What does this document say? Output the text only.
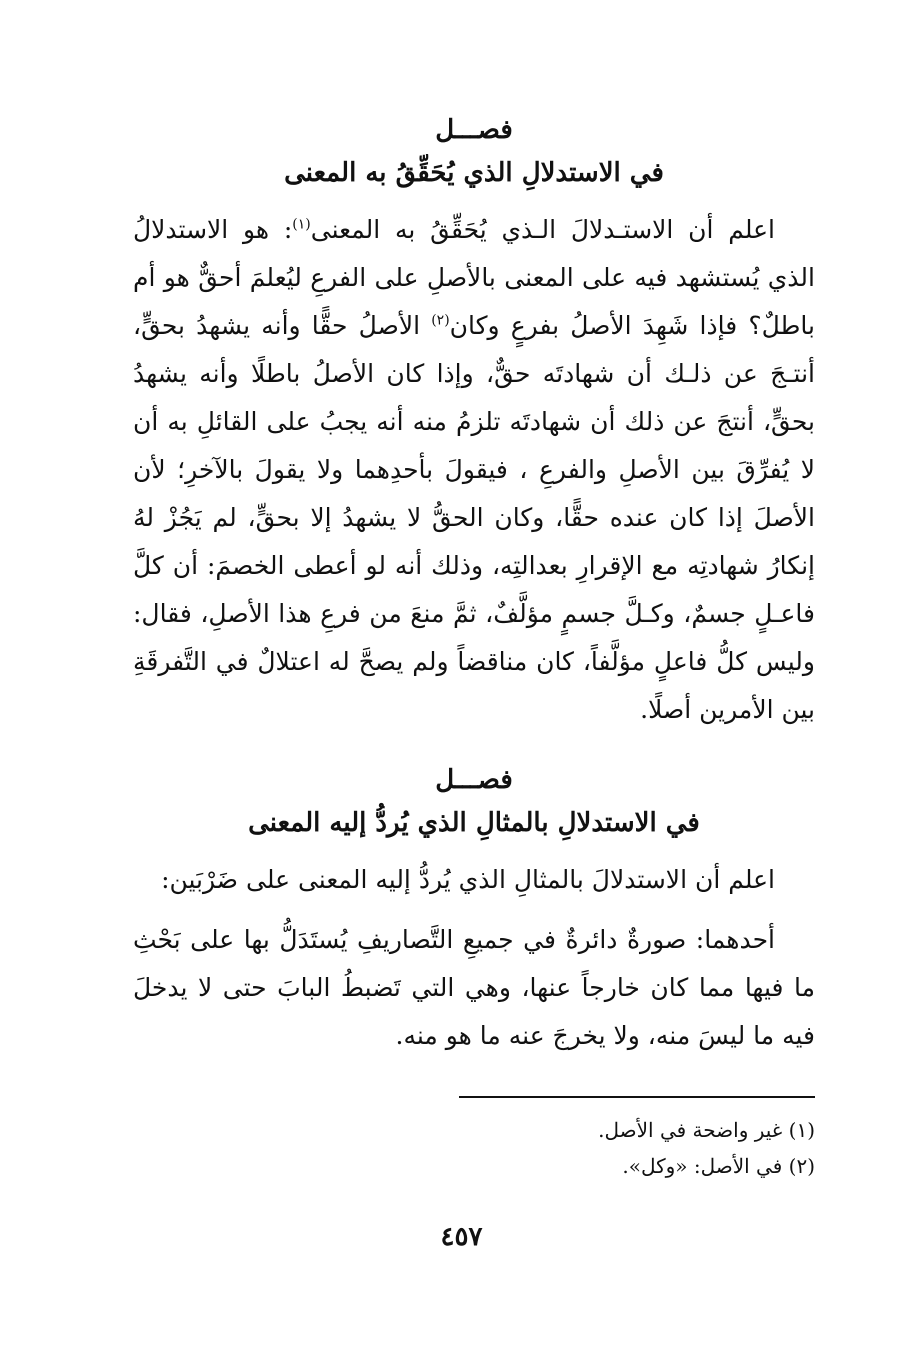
فصـــل

في الاستدلالِ الذي يُحَقِّقُ به المعنى

اعلم أن الاستـدلالَ الـذي يُحَقِّقُ به المعنى$^{(١)}$: هو الاستدلالُ الذي يُستشهد فيه على المعنى بالأصلِ على الفرعِ ليُعلمَ أحقٌّ هو أم باطلٌ؟ فإذا شَهِدَ الأصلُ بفرعٍ وكان$^{(٢)}$ الأصلُ حقًّا وأنه يشهدُ بحقٍّ، أنتـجَ عن ذلـك أن شهادتَه حقٌّ، وإذا كان الأصلُ باطلًا وأنه يشهدُ بحقٍّ، أنتجَ عن ذلك أن شهادتَه تلزمُ منه أنه يجبُ على القائلِ به أن لا يُفرِّقَ بين الأصلِ والفرعِ ، فيقولَ بأحدِهما ولا يقولَ بالآخرِ؛ لأن الأصلَ إذا كان عنده حقًّا، وكان الحقُّ لا يشهدُ إلا بحقٍّ، لم يَجُزْ لهُ إنكارُ شهادتِه مع الإقرارِ بعدالتِه، وذلك أنه لو أعطى الخصمَ: أن كلَّ فاعـلٍ جسمٌ، وكـلَّ جسمٍ مؤلَّفٌ، ثمَّ منعَ من فرعِ هذا الأصلِ، فقال: وليس كلُّ فاعلٍ مؤلَّفاً، كان مناقضاً ولم يصحَّ له اعتلالٌ في التَّفرقَةِ بين الأمرين أصلًا.

فصـــل

في الاستدلالِ بالمثالِ الذي يُردُّ إليه المعنى

اعلم أن الاستدلالَ بالمثالِ الذي يُردُّ إليه المعنى على ضَرْبَين:

أحدهما: صورةٌ دائرةٌ في جميعِ التَّصاريفِ يُستَدَلُّ بها على بَحْثِ ما فيها مما كان خارجاً عنها، وهي التي تَضبطُ البابَ حتى لا يدخلَ فيه ما ليسَ منه، ولا يخرجَ عنه ما هو منه.

(١) غير واضحة في الأصل.

(٢) في الأصل: «وكل».

٤٥٧
